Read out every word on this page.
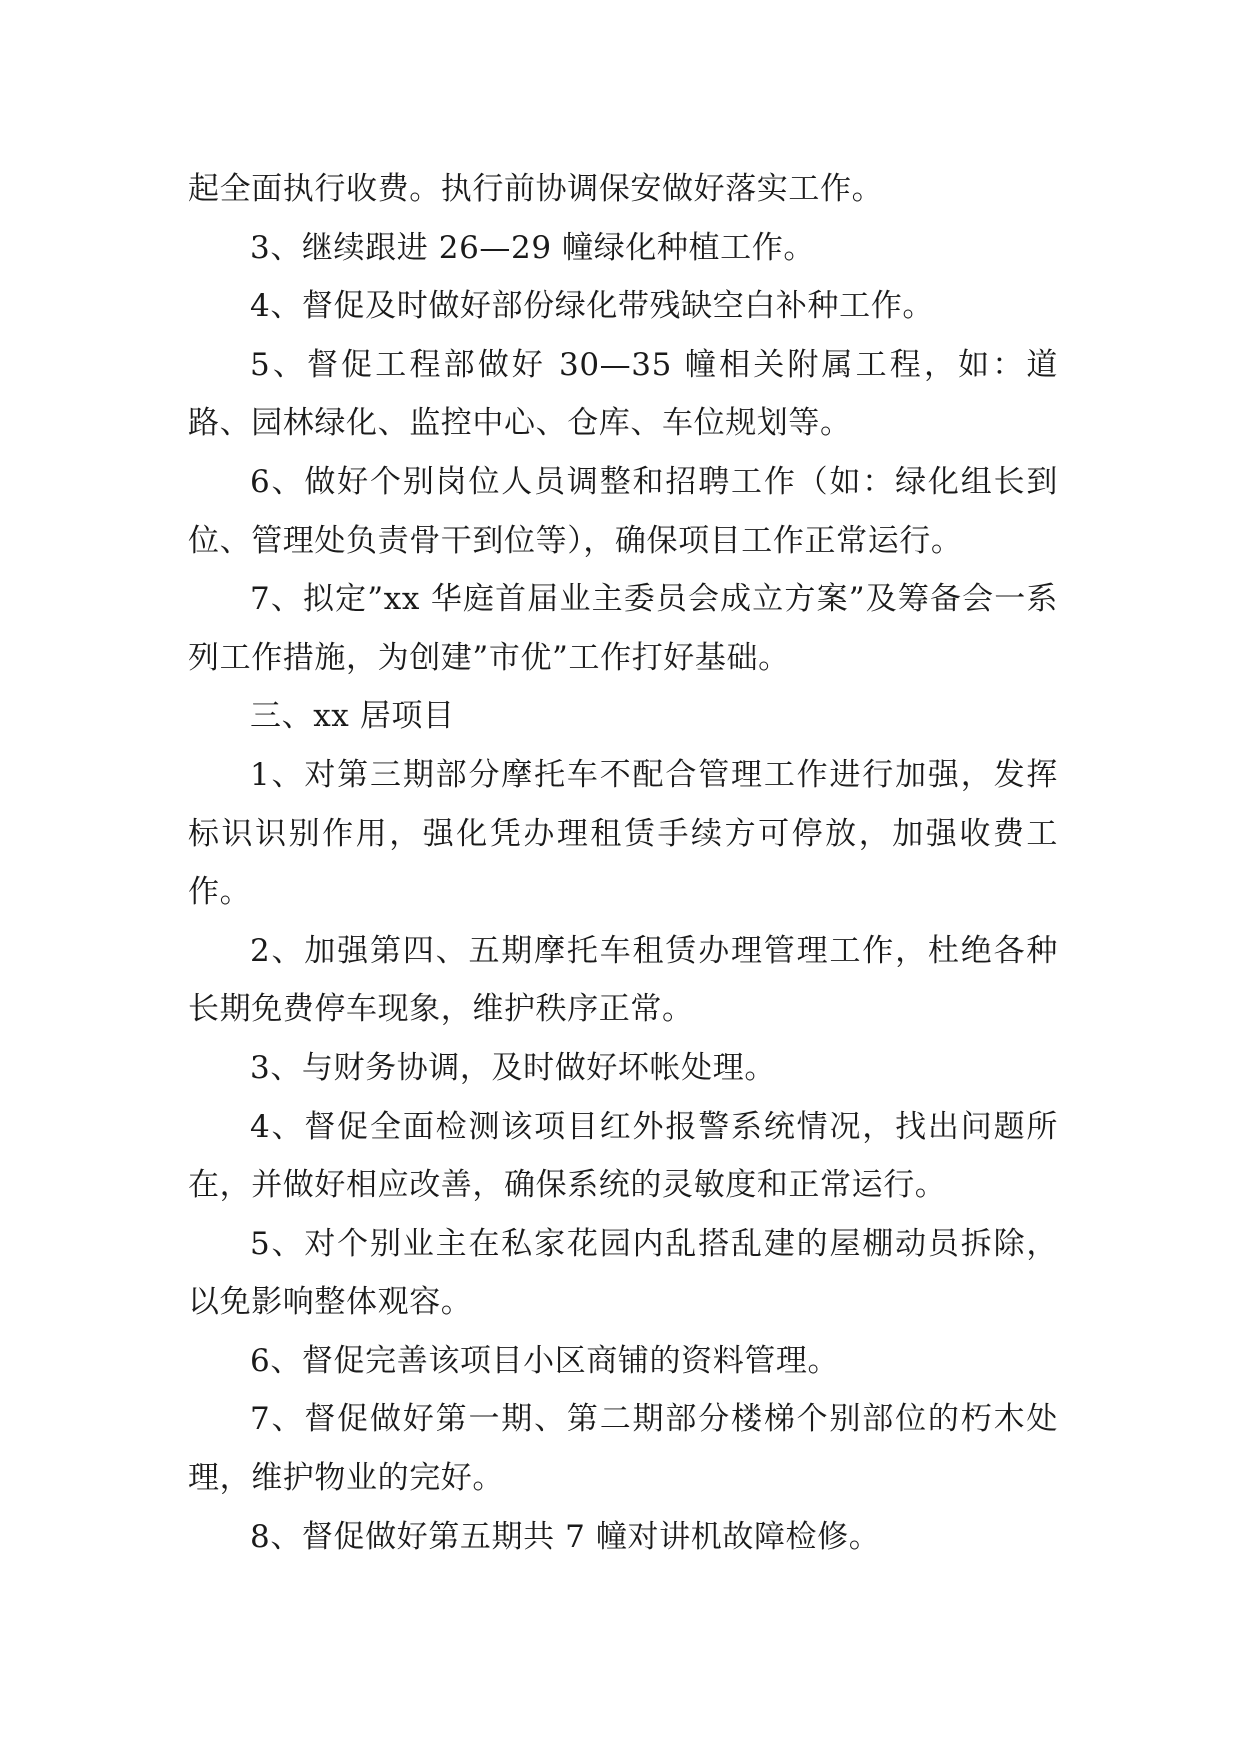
起全面执行收费。执行前协调保安做好落实工作。

3、继续跟进 26—29 幢绿化种植工作。

4、督促及时做好部份绿化带残缺空白补种工作。

5、督促工程部做好 30—35 幢相关附属工程，如：道路、园林绿化、监控中心、仓库、车位规划等。

6、做好个别岗位人员调整和招聘工作（如：绿化组长到位、管理处负责骨干到位等），确保项目工作正常运行。

7、拟定”xx 华庭首届业主委员会成立方案”及筹备会一系列工作措施，为创建”市优”工作打好基础。

三、xx 居项目

1、对第三期部分摩托车不配合管理工作进行加强，发挥标识识别作用，强化凭办理租赁手续方可停放，加强收费工作。

2、加强第四、五期摩托车租赁办理管理工作，杜绝各种长期免费停车现象，维护秩序正常。

3、与财务协调，及时做好坏帐处理。

4、督促全面检测该项目红外报警系统情况，找出问题所在，并做好相应改善，确保系统的灵敏度和正常运行。

5、对个别业主在私家花园内乱搭乱建的屋棚动员拆除，以免影响整体观容。

6、督促完善该项目小区商铺的资料管理。

7、督促做好第一期、第二期部分楼梯个别部位的朽木处理，维护物业的完好。

8、督促做好第五期共 7 幢对讲机故障检修。
